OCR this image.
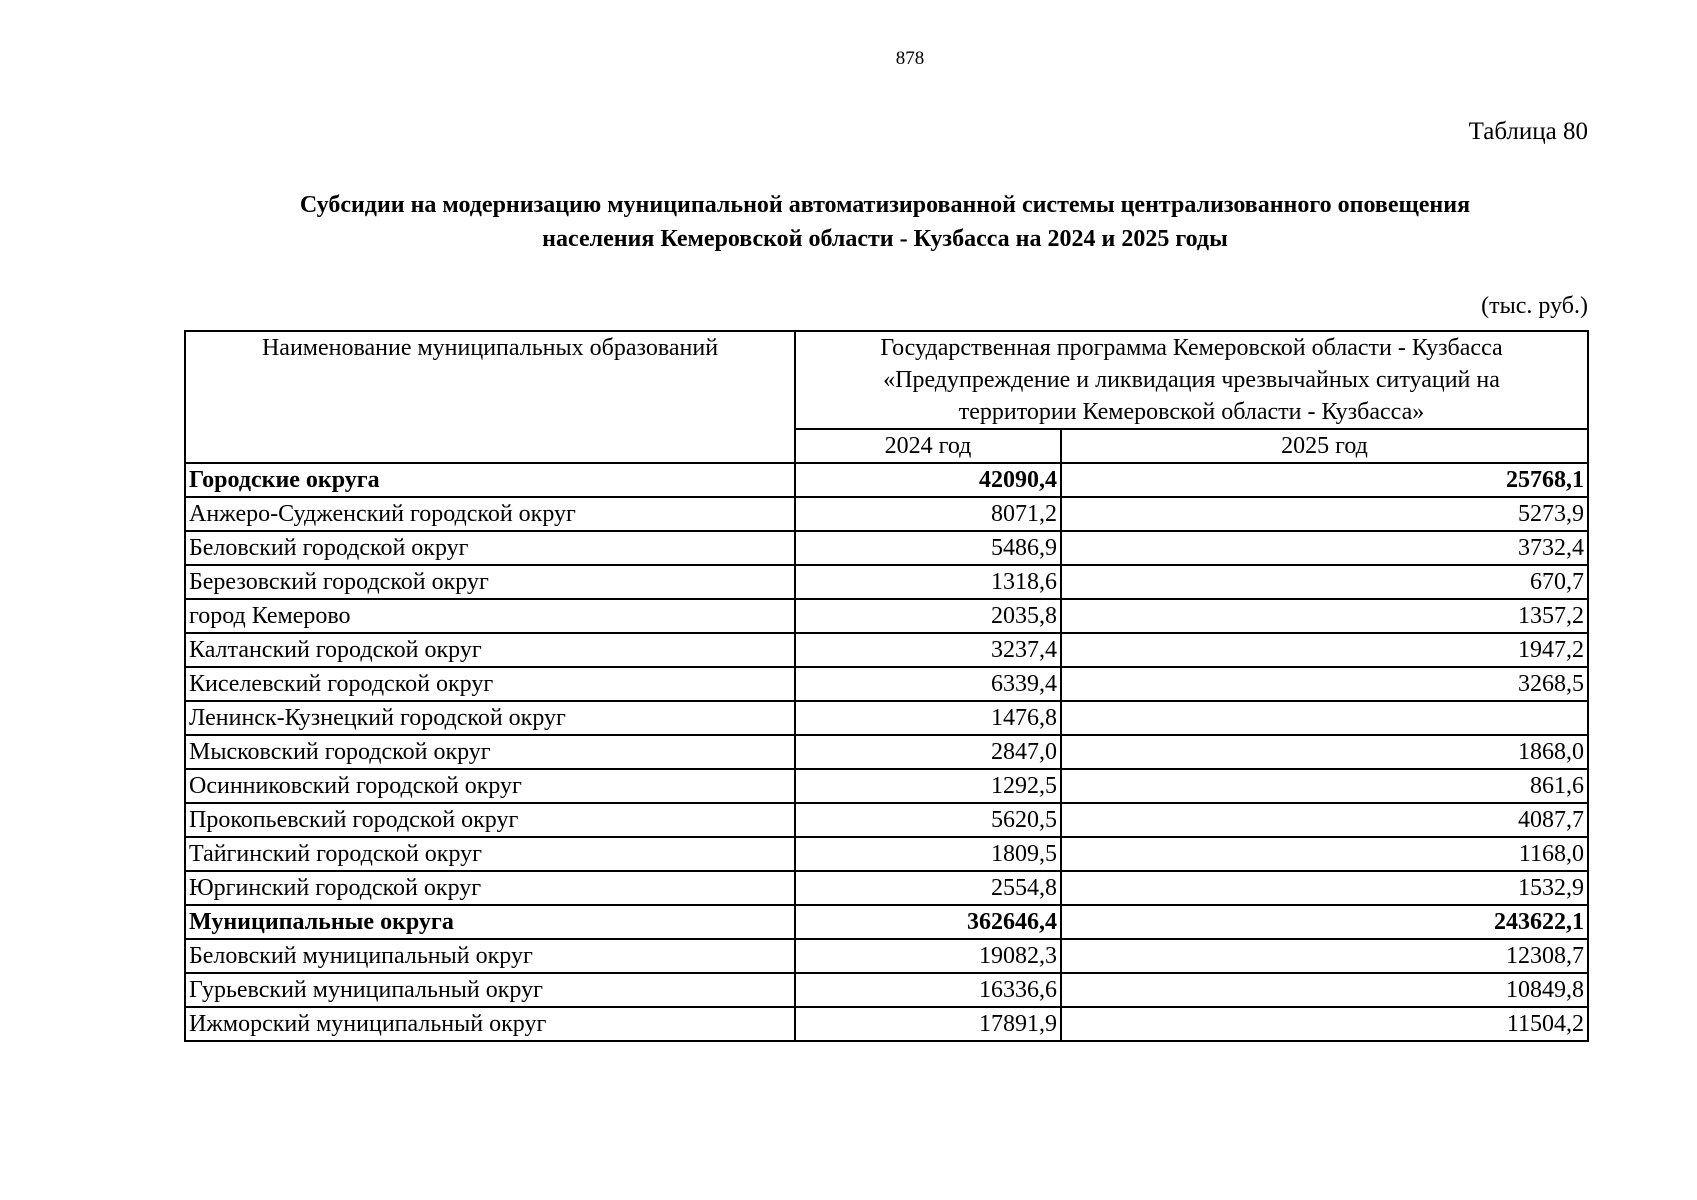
878
Таблица 80
Субсидии на модернизацию муниципальной автоматизированной системы централизованного оповещения
населения Кемеровской области - Кузбасса на 2024 и 2025 годы
(тыс. руб.)
Наименование муниципальных образований	Государственная программа Кемеровской области - Кузбасса
«Предупреждение и ликвидация чрезвычайных ситуаций на
территории Кемеровской области - Кузбасса»	

	2024 год	2025 год
Городские округа	42090,4	25768,1
Анжеро-Судженский городской округ	8071,2	5273,9
Беловский городской округ	5486,9	3732,4
Березовский городской округ	1318,6	670,7
город Кемерово	2035,8	1357,2
Калтанский городской округ	3237,4	1947,2
Киселевский городской округ	6339,4	3268,5
Ленинск-Кузнецкий городской округ	1476,8	
Мысковский городской округ	2847,0	1868,0
Осинниковский городской округ	1292,5	861,6
Прокопьевский городской округ	5620,5	4087,7
Тайгинский городской округ	1809,5	1168,0
Юргинский городской округ	2554,8	1532,9
Муниципальные округа	362646,4	243622,1
Беловский муниципальный округ	19082,3	12308,7
Гурьевский муниципальный округ	16336,6	10849,8
Ижморский муниципальный округ	17891,9	11504,2
